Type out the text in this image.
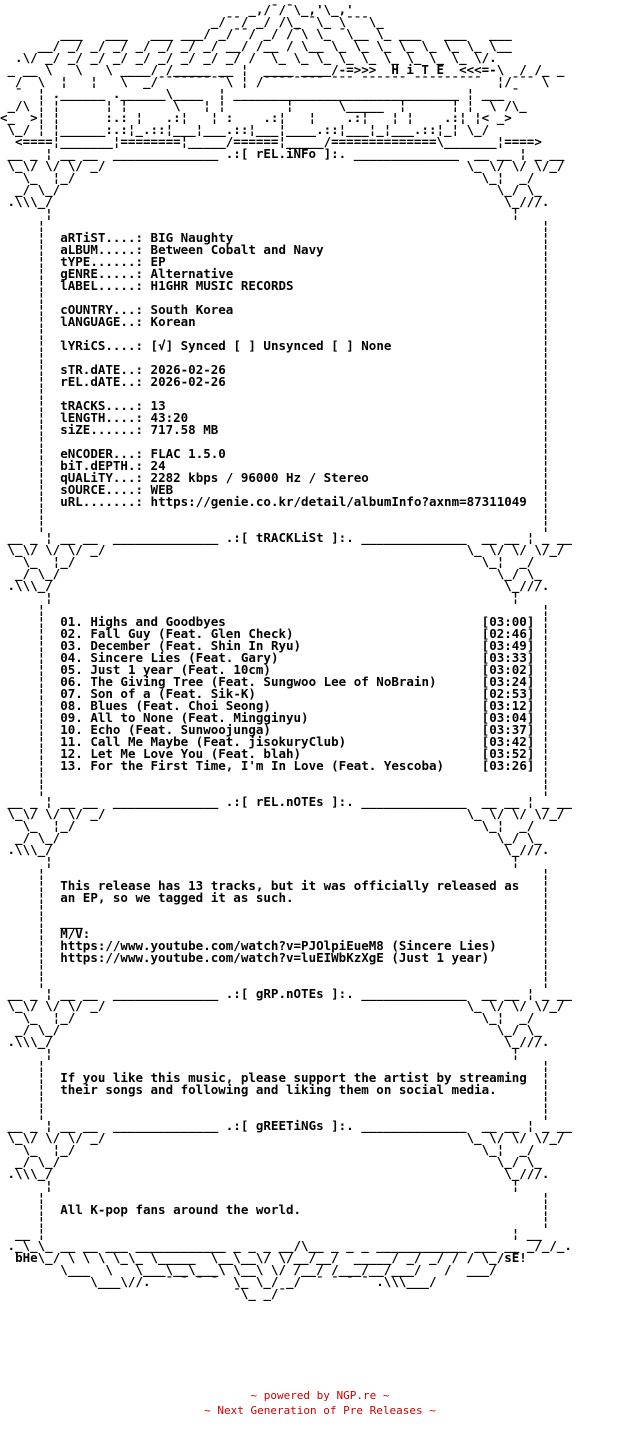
_,/¯/¯\_,'\_,'
_/¯¯/ _/ /\_ ¯\_ \¯¯¯\_
___   ___   ___ ___/ _/¯¯/ _/ /¯\ \_ ¯\__ \_ ___   ___   ___
__/ _/ _/ _/ _/ _/ _/ _/ __/ /__ / \__ \_ \_ \_ \_ \_ \_ \_ \__
.\/ _/ _/ _/ _/ _/ _/ _/ _/ _/ /  \_ \_ \_ \_ \_ \_ \_ \_ \_ \/.
_ __ \   \   \ ____/ /_____ __ ¦  ____ ____/-=>>>  H i T E  <<<=-\  / /_ _
/  \  ¦   ¦   \  _/¯¯¯¯¯¯¯¯¯\ ¦ /¯¯¯¯¯¯¯¯ ¯¯¯ ¯¯¯¯¯¯ ¯¯¯¯¯¯¯¯¯  ¦/¯¯¯ \
¯  ¦ .______ .______\____  ¦ ______________________________ ¦ ___ ¯
_/\ ¦ ¦      ¦ ¦      \   ¦ ¦        ¦      \_____  ¦      ¦ ¦  \ /\_
<_  >¦ ¦      :.: ¦   .:¦   ¦ :    .:¦   ¦    .:¦   ¦ ¦    .:¦ ¦< _>
\_/ ¦ ¦______:.:¦_.::¦___¦___.::¦___¦____.::¦___¦_¦___.::¦_¦ \_/
<====¦_______¦========¦_____/======¦_____/==============\_______¦====>
__ _ ¦ __ __  ______________ .:[ rEL.iNFo ]:. ______________  __ __ ¦ _ __
\_\/ \/ \/ _/                                                \_ \/ \/ \/_/
\_  ¦_/                                                      \_¦  _/
_/ \_/                                                          \_/ \_
.\\\_/                                                            \_///.
¦                                                             ¦
¦                                                                  ¦
¦  aRTiST....: BIG Naughty	¦
¦  aLBUM.....: Between Cobalt and Navy	¦
¦  tYPE......: EP	¦
¦  gENRE.....: Alternative	¦
¦  lABEL.....: H1GHR MUSIC RECORDS	¦
¦                                                                  ¦
¦  cOUNTRY...: South Korea	¦
¦  lANGUAGE..: Korean	¦
¦                                                                  ¦
¦  lYRiCS....: [√] Synced [ ] Unsynced [ ] None	¦
¦                                                                  ¦
¦  sTR.dATE..: 2026-02-26	¦
¦  rEL.dATE..: 2026-02-26	¦
¦                                                                  ¦
¦  tRACKS....: 13	¦
¦  lENGTH....: 43:20	¦
¦  siZE......: 717.58 MB	¦
¦                                                                  ¦
¦  eNCODER...: FLAC 1.5.0	¦
¦  biT.dEPTH.: 24	¦
¦  qUALiTY...: 2282 kbps / 96000 Hz / Stereo	¦
¦  sOURCE....: WEB	¦
¦  uRL.......: https://genie.co.kr/detail/albumInfo?axnm=87311049 ¦
¦                                                                  ¦
¦                                                                  ¦
__ _ ¦ __ __  ______________ .:[ tRACKLiSt ]:. ______________  __ __ ¦ _ __
\_\/ \/ \/ _/                                                \_ \/ \/ \/_/
\_  ¦_/                                                      \_¦  _/
_/ \_/                                                          \_/ \_
.\\\_/                                                            \_///.
¦                                                             ¦
¦                                                                  ¦
¦  01. Highs and Goodbyes	[03:00] ¦
¦  02. Fall Guy (Feat. Glen Check)	[02:46] ¦
¦  03. December (Feat. Shin In Ryu)	[03:49] ¦
¦  04. Sincere Lies (Feat. Gary)	[03:33] ¦
¦  05. Just 1 year (Feat. 10cm)	[03:02] ¦
¦  06. The Giving Tree (Feat. Sungwoo Lee of NoBrain)	[03:24] ¦
¦  07. Son of a (Feat. Sik-K)	[02:53] ¦
¦  08. Blues (Feat. Choi Seong)	[03:12] ¦
¦  09. All to None (Feat. Mingginyu)	[03:04] ¦
¦  10. Echo (Feat. Sunwoojunga)	[03:37] ¦
¦  11. Call Me Maybe (Feat. jisokuryClub)	[03:42] ¦
¦  12. Let Me Love You (Feat. blah)	[03:52] ¦
¦  13. For the First Time, I'm In Love (Feat. Yescoba)	[03:26] ¦
¦                                                                  ¦
¦                                                                  ¦
__ _ ¦ __ __  ______________ .:[ rEL.nOTEs ]:. ______________  __ __ ¦ _ __
\_\/ \/ \/ _/                                                \_ \/ \/ \/_/
\_  ¦_/                                                      \_¦  _/
_/ \_/                                                          \_/ \_
.\\\_/                                                            \_///.
¦                                                             ¦
¦                                                                  ¦
¦  This release has 13 tracks, but it was officially released as ¦
¦  an EP, so we tagged it as such.	¦
¦	¦
¦  ___	¦
¦  M/V:	¦
¦  https://www.youtube.com/watch?v=PJOlpiEueM8 (Sincere Lies)	¦
¦  https://www.youtube.com/watch?v=luEIWbKzXgE (Just 1 year)	¦
¦                                                                  ¦
¦                                                                  ¦
__ _ ¦ __ __  ______________ .:[ gRP.nOTEs ]:. ______________  __ __ ¦ _ __
\_\/ \/ \/ _/                                                \_ \/ \/ \/_/
\_  ¦_/                                                      \_¦  _/
_/ \_/                                                          \_/ \_
.\\\_/                                                            \_///.
¦                                                             ¦
¦                                                                  ¦
¦  If you like this music, please support the artist by streaming ¦
¦  their songs and following and liking them on social media.	¦
¦                                                                  ¦
¦                                                                  ¦
__ _ ¦ __ __  ______________ .:[ gREETiNGs ]:. ______________  __ __ ¦ _ __
\_\/ \/ \/ _/                                                \_ \/ \/ \/_/
\_  ¦_/                                                      \_¦  _/
_/ \_/                                                          \_/ \_
.\\\_/                                                            \_///.
¦                                                             ¦
¦                                                                  ¦
¦  All K-pop fans around the world.	¦
¦                                                                  ¦
__ ¦                                                              ¦ __
._\_\_ __ __ ___ ____________ _ _ _ __/\__ _ _ _ ____________ ___ __ _/_/_.
bHe\_/ \ \ \ \_\_ \_____  \__\__\/ \/__/__/  _____/ _/ _/ / / \_/sE!
\___  \   \___\__\___\ \__\ \/ /__/ /___/__/___/   /  ___/
\___\//.  ¯ ¯ ¯ ¯  \_ \_/ _/  ¯ ¯ ¯ ¯ .\\\___/
¯\_ _/¯

~ powered by NGP.re ~
~ Next Generation of Pre Releases ~
